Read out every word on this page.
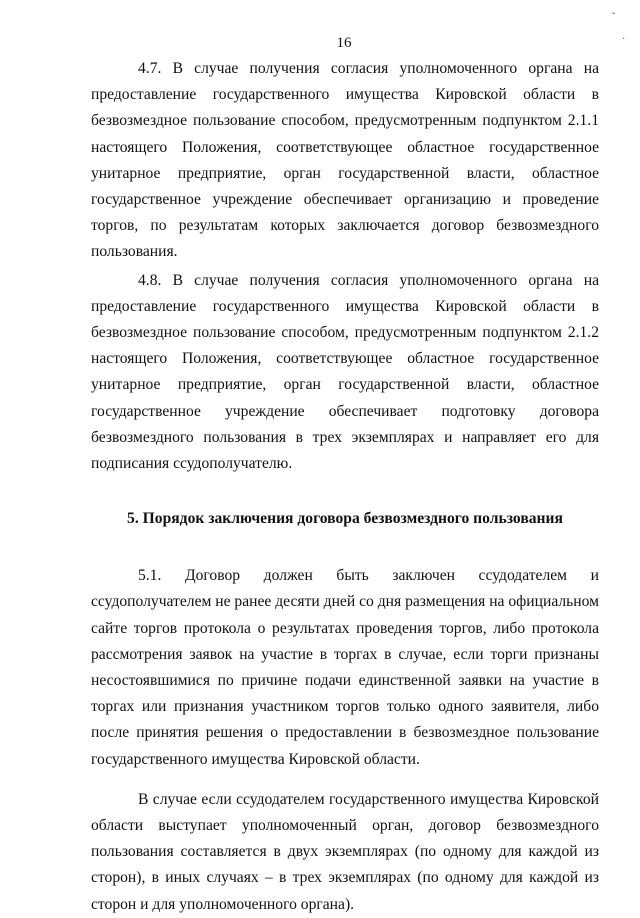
16
ˇ
·

4.7. В случае получения согласия уполномоченного органа на предоставление государственного имущества Кировской области в безвозмездное пользование способом, предусмотренным подпунктом 2.1.1 настоящего Положения, соответствующее областное государственное унитарное предприятие, орган государственной власти, областное государственное учреждение обеспечивает организацию и проведение торгов, по результатам которых заключается договор безвозмездного пользования.

4.8. В случае получения согласия уполномоченного органа на предоставление государственного имущества Кировской области в безвозмездное пользование способом, предусмотренным подпунктом 2.1.2 настоящего Положения, соответствующее областное государственное унитарное предприятие, орган государственной власти, областное государственное учреждение обеспечивает подготовку договора безвозмездного пользования в трех экземплярах и направляет его для подписания ссудополучателю.

5. Порядок заключения договора безвозмездного пользования

5.1. Договор должен быть заключен ссудодателем и ссудополучателем не ранее десяти дней со дня размещения на официальном сайте торгов протокола о результатах проведения торгов, либо протокола рассмотрения заявок на участие в торгах в случае, если торги признаны несостоявшимися по причине подачи единственной заявки на участие в торгах или признания участником торгов только одного заявителя, либо после принятия решения о предоставлении в безвозмездное пользование государственного имущества Кировской области.

В случае если ссудодателем государственного имущества Кировской области выступает уполномоченный орган, договор безвозмездного пользования составляется в двух экземплярах (по одному для каждой из сторон), в иных случаях – в трех экземплярах (по одному для каждой из сторон и для уполномоченного органа).
